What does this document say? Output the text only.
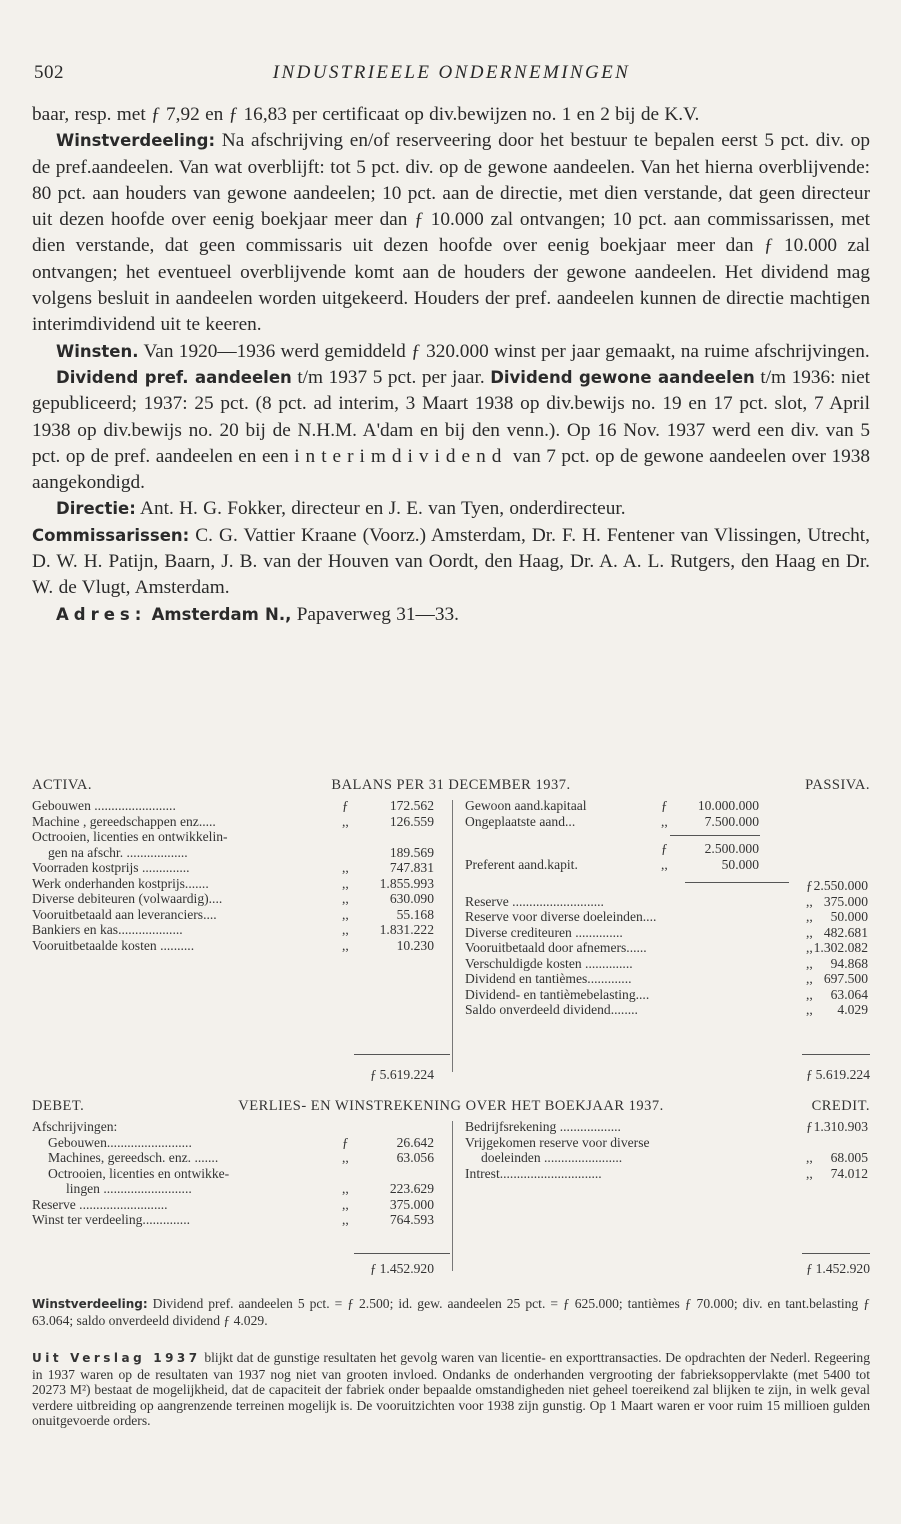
502	INDUSTRIEELE ONDERNEMINGEN

baar, resp. met ƒ 7,92 en ƒ 16,83 per certificaat op div.bewijzen no. 1 en 2 bij de K.V.

Winstverdeeling: Na afschrijving en/of reserveering door het bestuur te bepalen eerst 5 pct. div. op de pref.aandeelen. Van wat overblijft: tot 5 pct. div. op de gewone aandeelen. Van het hierna overblijvende: 80 pct. aan houders van gewone aandeelen; 10 pct. aan de directie, met dien verstande, dat geen directeur uit dezen hoofde over eenig boekjaar meer dan ƒ 10.000 zal ontvangen; 10 pct. aan commissarissen, met dien verstande, dat geen commissaris uit dezen hoofde over eenig boekjaar meer dan ƒ 10.000 zal ontvangen; het eventueel overblijvende komt aan de houders der gewone aandeelen. Het dividend mag volgens besluit in aandeelen worden uitgekeerd. Houders der pref. aandeelen kunnen de directie machtigen interimdividend uit te keeren.

Winsten. Van 1920—1936 werd gemiddeld ƒ 320.000 winst per jaar gemaakt, na ruime afschrijvingen.

Dividend pref. aandeelen t/m 1937 5 pct. per jaar. Dividend gewone aandeelen t/m 1936: niet gepubliceerd; 1937: 25 pct. (8 pct. ad interim, 3 Maart 1938 op div.bewijs no. 19 en 17 pct. slot, 7 April 1938 op div.bewijs no. 20 bij de N.H.M. A'dam en bij den venn.). Op 16 Nov. 1937 werd een div. van 5 pct. op de pref. aandeelen en een interimdividend van 7 pct. op de gewone aandeelen over 1938 aangekondigd.

Directie: Ant. H. G. Fokker, directeur en J. E. van Tyen, onderdirecteur.

Commissarissen: C. G. Vattier Kraane (Voorz.) Amsterdam, Dr. F. H. Fentener van Vlissingen, Utrecht, D. W. H. Patijn, Baarn, J. B. van der Houven van Oordt, den Haag, Dr. A. A. L. Rutgers, den Haag en Dr. W. de Vlugt, Amsterdam.

Adres: Amsterdam N., Papaverweg 31—33.

ACTIVA.	BALANS PER 31 DECEMBER 1937.	PASSIVA.
Gebouwen ........................	ƒ	172.562
Machine , gereedschappen enz.....	,,	126.559
Octrooien, licenties en ontwikkelin-
gen na afschr. ..................	189.569
Voorraden kostprijs ..............	,,	747.831
Werk onderhanden kostprijs.......	,, 1.855.993
Diverse debiteuren (volwaardig)....	,,	630.090
Vooruitbetaald aan leveranciers....	,,	55.168
Bankiers en kas...................	,, 1.831.222
Vooruitbetaalde kosten ..........	,,	10.230
Gewoon aand.kapitaal	ƒ	10.000.000
Ongeplaatste aand...	,,	7.500.000
ƒ	2.500.000
Preferent aand.kapit.	,,	50.000
ƒ 2.550.000
Reserve ...........................	,, 375.000
Reserve voor diverse doeleinden....	,, 50.000
Diverse crediteuren ..............	,, 482.681
Vooruitbetaald door afnemers......	,, 1.302.082
Verschuldigde kosten ..............	,, 94.868
Dividend en tantièmes.............	,, 697.500
Dividend- en tantièmebelasting....	,, 63.064
Saldo onverdeeld dividend........	,, 4.029
ƒ 5.619.224	ƒ 5.619.224
DEBET.	VERLIES- EN WINSTREKENING OVER HET BOEKJAAR 1937.	CREDIT.
Afschrijvingen:
Gebouwen.........................	ƒ	26.642
Machines, gereedsch. enz. .......	,,	63.056
Octrooien, licenties en ontwikke-
lingen ..........................	,,	223.629
Reserve ..........................	,,	375.000
Winst ter verdeeling..............	,,	764.593
Bedrijfsrekening ..................	ƒ 1.310.903
Vrijgekomen reserve voor diverse
doeleinden .......................	,, 68.005
Intrest..............................	,, 74.012
ƒ 1.452.920	ƒ 1.452.920
Winstverdeeling: Dividend pref. aandeelen 5 pct. = ƒ 2.500; id. gew. aandeelen 25 pct. = ƒ 625.000; tantièmes ƒ 70.000; div. en tant.belasting ƒ 63.064; saldo onverdeeld dividend ƒ 4.029.
Uit Verslag 1937 blijkt dat de gunstige resultaten het gevolg waren van licentie- en exporttransacties. De opdrachten der Nederl. Regeering in 1937 waren op de resultaten van 1937 nog niet van grooten invloed. Ondanks de onderhanden vergrooting der fabrieksoppervlakte (met 5400 tot 20273 M²) bestaat de mogelijkheid, dat de capaciteit der fabriek onder bepaalde omstandigheden niet geheel toereikend zal blijken te zijn, in welk geval verdere uitbreiding op aangrenzende terreinen mogelijk is. De vooruitzichten voor 1938 zijn gunstig. Op 1 Maart waren er voor ruim 15 millioen gulden onuitgevoerde orders.
